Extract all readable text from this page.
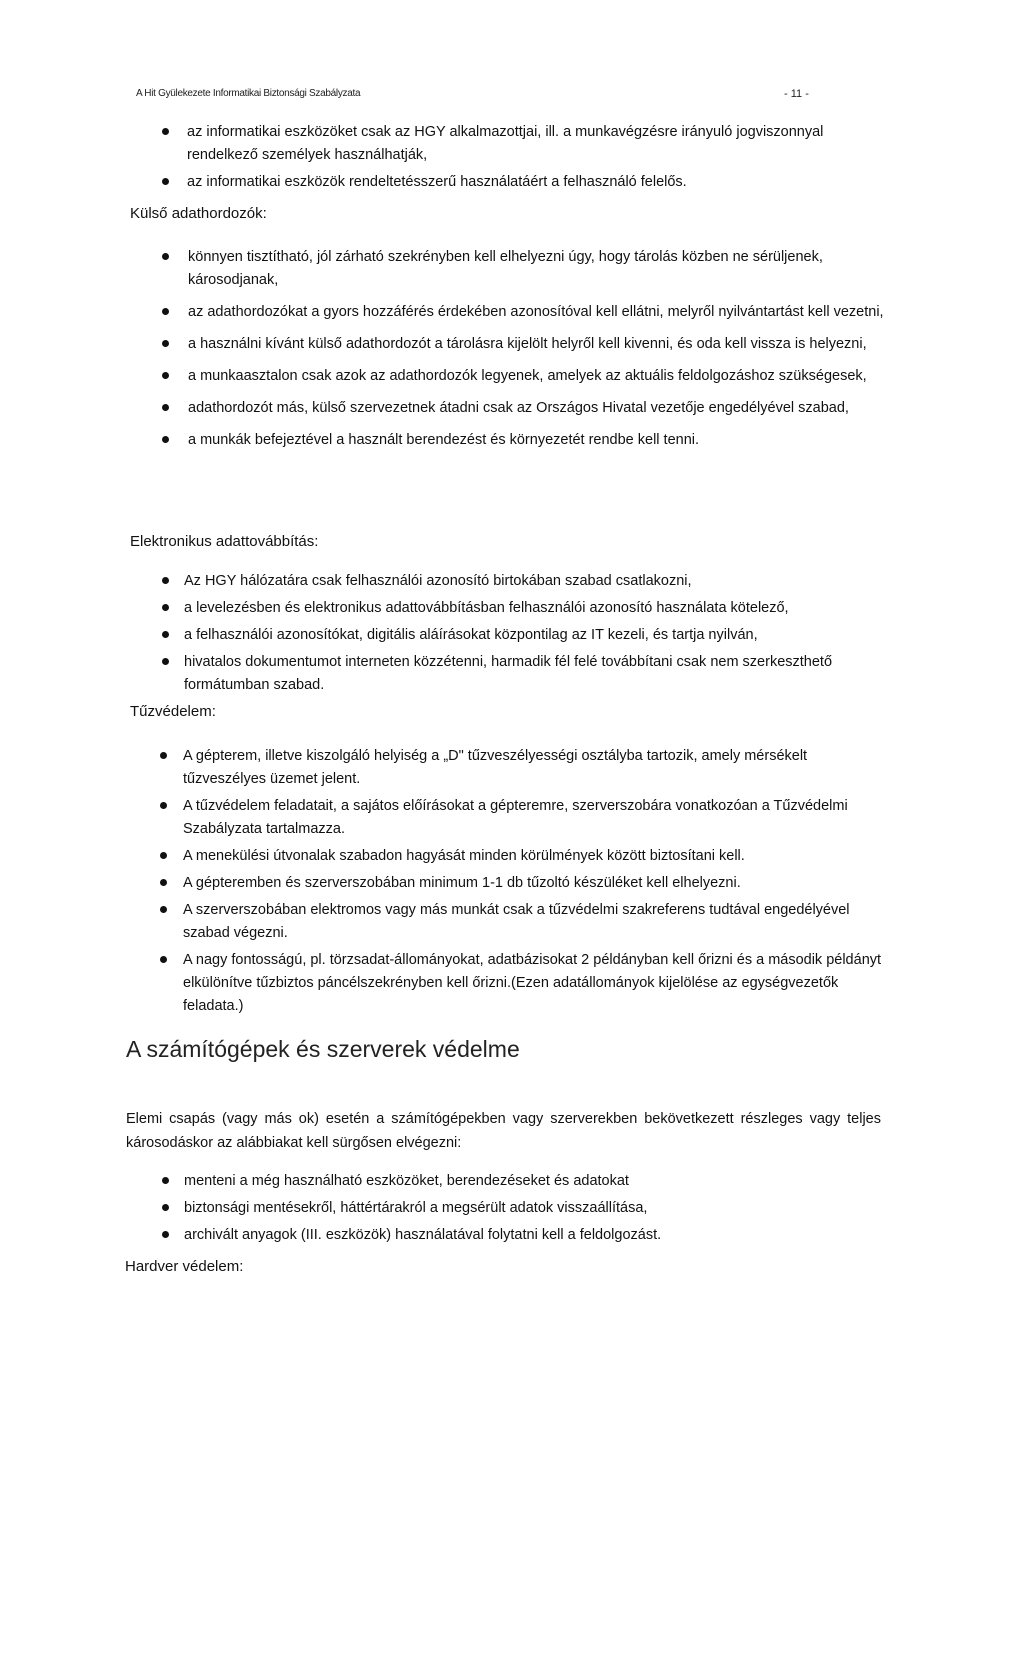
A Hit Gyülekezete Informatikai Biztonsági Szabályzata	- 11 -
az informatikai eszközöket csak az HGY alkalmazottjai, ill. a munkavégzésre irányuló jogviszonnyal rendelkező személyek használhatják,
az informatikai eszközök rendeltetésszerű használatáért a felhasználó felelős.
Külső adathordozók:
könnyen tisztítható, jól zárható szekrényben kell elhelyezni úgy, hogy tárolás közben ne sérüljenek, károsodjanak,
az adathordozókat a gyors hozzáférés érdekében azonosítóval kell ellátni, melyről nyilvántartást kell vezetni,
a használni kívánt külső adathordozót a tárolásra kijelölt helyről kell kivenni, és oda kell vissza is helyezni,
a munkaasztalon csak azok az adathordozók legyenek, amelyek az aktuális feldolgozáshoz szükségesek,
adathordozót más, külső szervezetnek átadni csak az Országos Hivatal vezetője engedélyével szabad,
a munkák befejeztével a használt berendezést és környezetét rendbe kell tenni.
Elektronikus adattovábbítás:
Az HGY hálózatára csak felhasználói azonosító birtokában szabad csatlakozni,
a levelezésben és elektronikus adattovábbításban felhasználói azonosító használata kötelező,
a felhasználói azonosítókat, digitális aláírásokat központilag az IT kezeli, és tartja nyilván,
hivatalos dokumentumot interneten közzétenni, harmadik fél felé továbbítani csak nem szerkeszthető formátumban szabad.
Tűzvédelem:
A gépterem, illetve kiszolgáló helyiség a „D" tűzveszélyességi osztályba tartozik, amely mérsékelt tűzveszélyes üzemet jelent.
A tűzvédelem feladatait, a sajátos előírásokat a gépteremre, szerverszobára vonatkozóan a Tűzvédelmi Szabályzata tartalmazza.
A menekülési útvonalak szabadon hagyását minden körülmények között biztosítani kell.
A gépteremben és szerverszobában minimum 1-1 db tűzoltó készüléket kell elhelyezni.
A szerverszobában elektromos vagy más munkát csak a tűzvédelmi szakreferens tudtával engedélyével szabad végezni.
A nagy fontosságú, pl. törzsadat-állományokat, adatbázisokat 2 példányban kell őrizni és a második példányt elkülönítve tűzbiztos páncélszekrényben kell őrizni.(Ezen adatállományok kijelölése az egységvezetők feladata.)
A számítógépek és szerverek védelme
Elemi csapás (vagy más ok) esetén a számítógépekben vagy szerverekben bekövetkezett részleges vagy teljes károsodáskor az alábbiakat kell sürgősen elvégezni:
menteni a még használható eszközöket, berendezéseket és adatokat
biztonsági mentésekről, háttértárakról a megsérült adatok visszaállítása,
archivált anyagok (III. eszközök) használatával folytatni kell a feldolgozást.
Hardver védelem:
